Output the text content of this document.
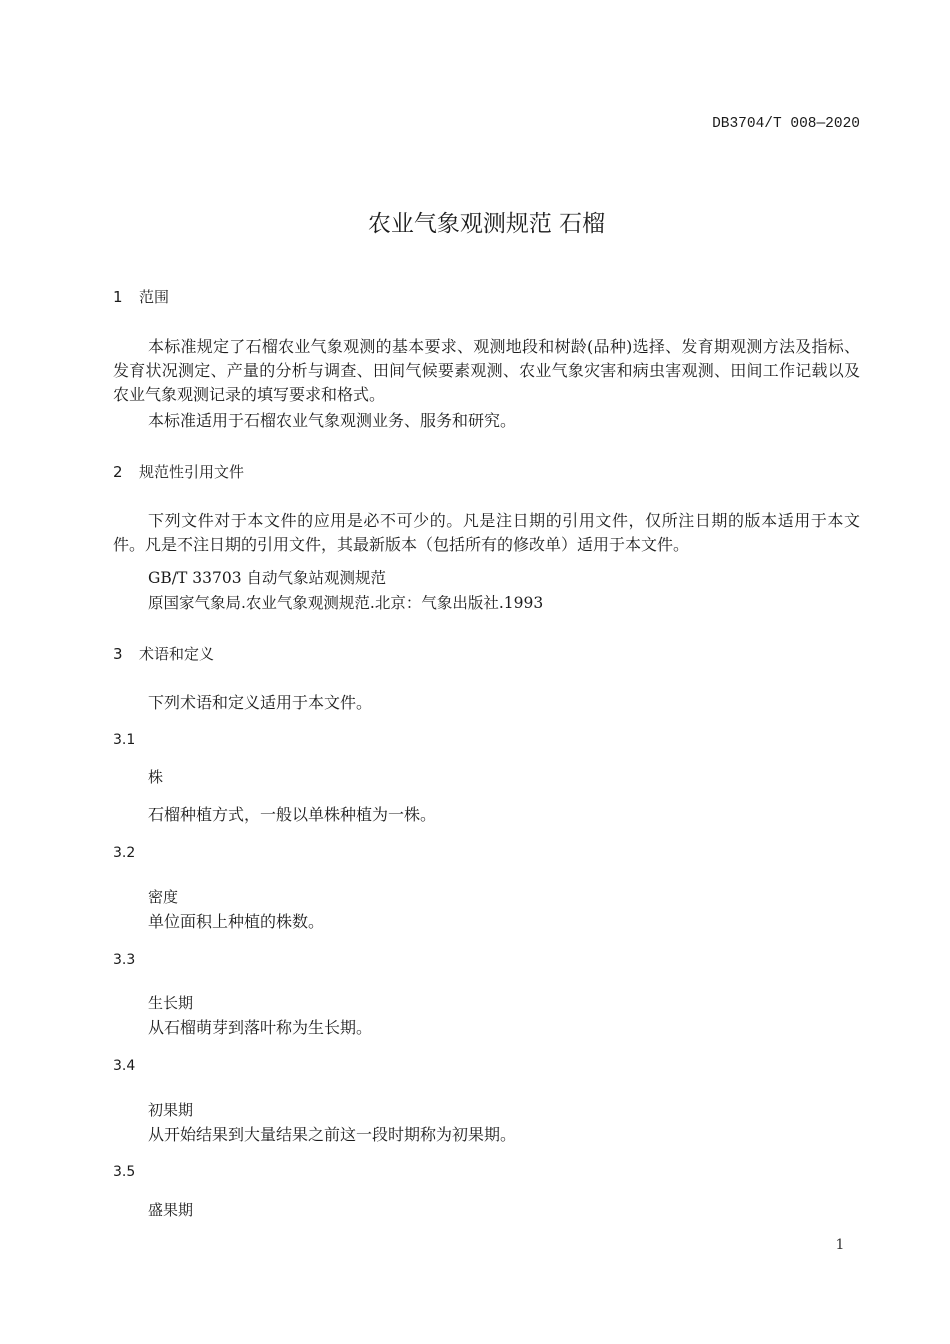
DB3704/T 008—2020
农业气象观测规范 石榴
1 范围
本标准规定了石榴农业气象观测的基本要求、观测地段和树龄(品种)选择、发育期观测方法及指标、发育状况测定、产量的分析与调查、田间气候要素观测、农业气象灾害和病虫害观测、田间工作记载以及农业气象观测记录的填写要求和格式。
本标准适用于石榴农业气象观测业务、服务和研究。
2 规范性引用文件
下列文件对于本文件的应用是必不可少的。凡是注日期的引用文件，仅所注日期的版本适用于本文件。凡是不注日期的引用文件，其最新版本（包括所有的修改单）适用于本文件。
GB/T 33703 自动气象站观测规范
原国家气象局.农业气象观测规范.北京：气象出版社.1993
3 术语和定义
下列术语和定义适用于本文件。
3.1
株
石榴种植方式，一般以单株种植为一株。
3.2
密度
单位面积上种植的株数。
3.3
生长期
从石榴萌芽到落叶称为生长期。
3.4
初果期
从开始结果到大量结果之前这一段时期称为初果期。
3.5
盛果期
1
